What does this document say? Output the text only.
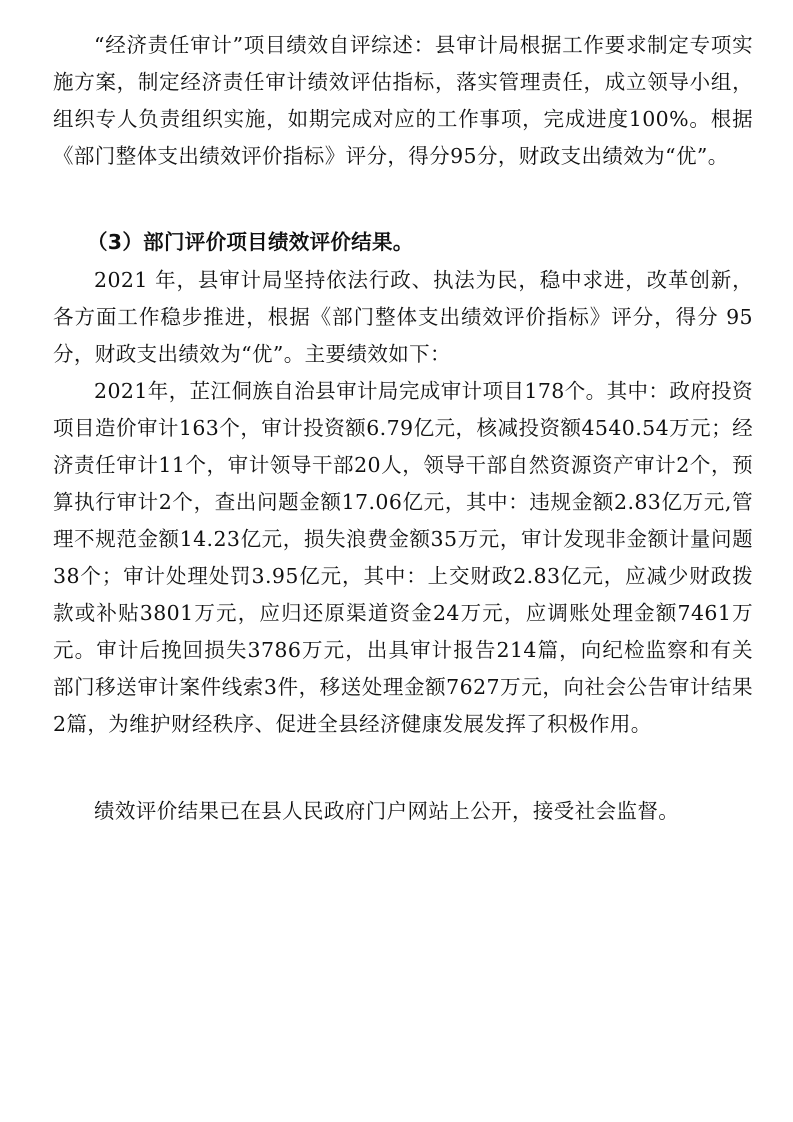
“经济责任审计”项目绩效自评综述：县审计局根据工作要求制定专项实施方案，制定经济责任审计绩效评估指标，落实管理责任，成立领导小组，组织专人负责组织实施，如期完成对应的工作事项，完成进度100%。根据《部门整体支出绩效评价指标》评分，得分95分，财政支出绩效为“优”。

（3）部门评价项目绩效评价结果。

2021 年，县审计局坚持依法行政、执法为民，稳中求进，改革创新，各方面工作稳步推进，根据《部门整体支出绩效评价指标》评分，得分 95 分，财政支出绩效为“优”。主要绩效如下：

2021年，芷江侗族自治县审计局完成审计项目178个。其中：政府投资项目造价审计163个，审计投资额6.79亿元，核减投资额4540.54万元；经济责任审计11个，审计领导干部20人，领导干部自然资源资产审计2个，预算执行审计2个，查出问题金额17.06亿元，其中：违规金额2.83亿万元,管理不规范金额14.23亿元，损失浪费金额35万元，审计发现非金额计量问题38个；审计处理处罚3.95亿元，其中：上交财政2.83亿元，应减少财政拨款或补贴3801万元，应归还原渠道资金24万元，应调账处理金额7461万元。审计后挽回损失3786万元，出具审计报告214篇，向纪检监察和有关部门移送审计案件线索3件，移送处理金额7627万元，向社会公告审计结果2篇，为维护财经秩序、促进全县经济健康发展发挥了积极作用。

绩效评价结果已在县人民政府门户网站上公开，接受社会监督。
